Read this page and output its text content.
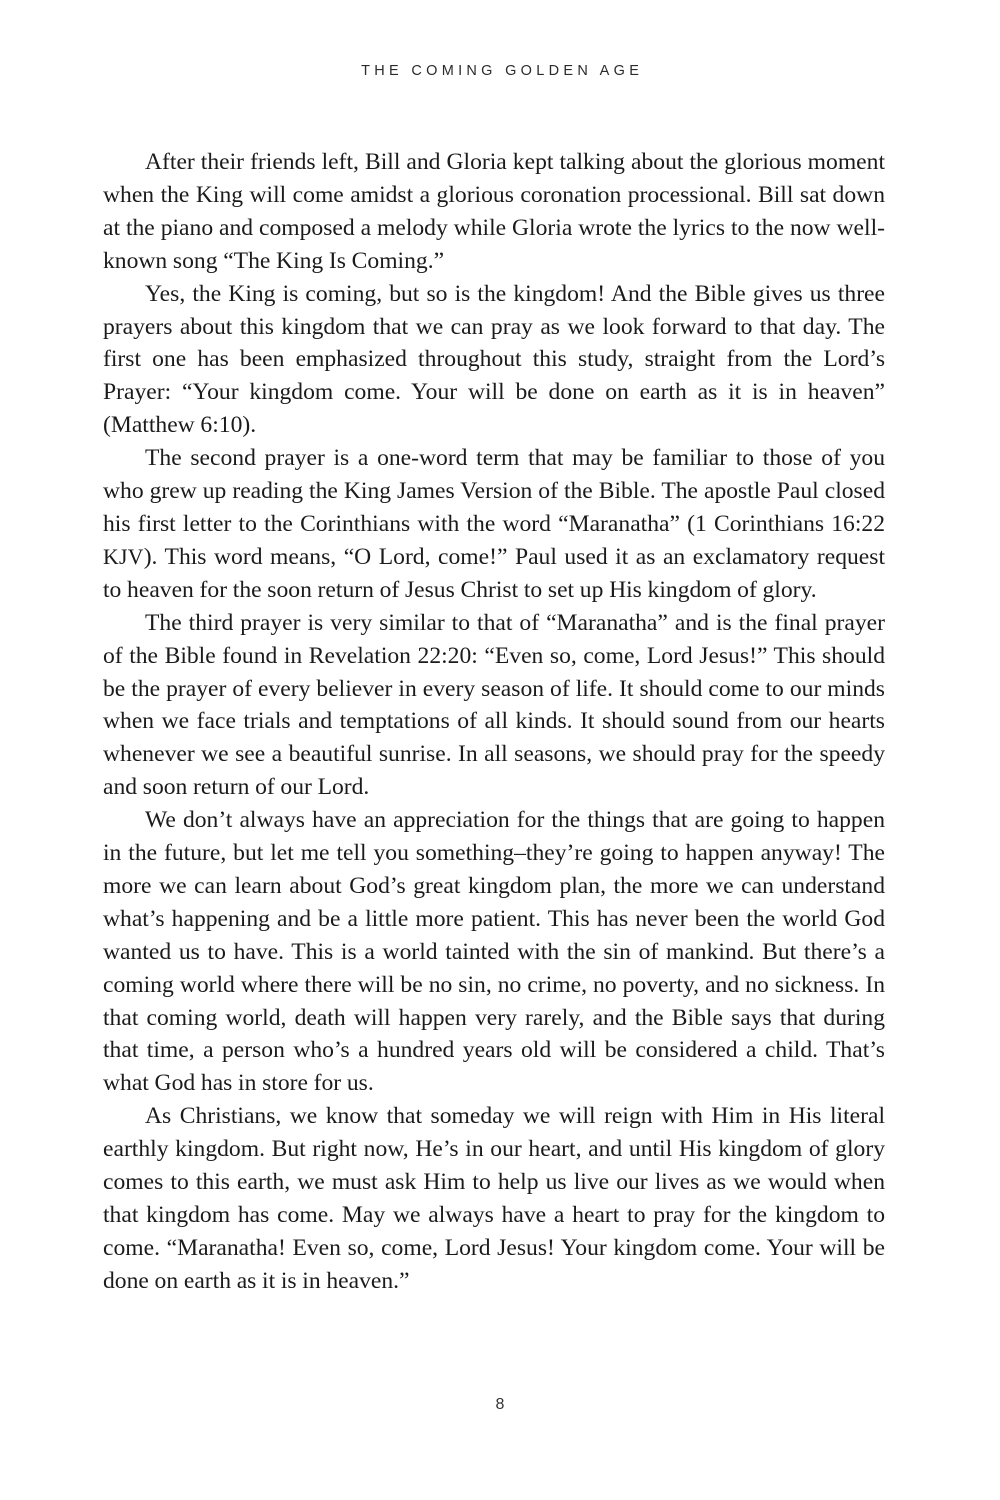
THE COMING GOLDEN AGE

After their friends left, Bill and Gloria kept talking about the glorious moment when the King will come amidst a glorious coronation processional. Bill sat down at the piano and composed a melody while Gloria wrote the lyrics to the now well-known song “The King Is Coming.”

Yes, the King is coming, but so is the kingdom! And the Bible gives us three prayers about this kingdom that we can pray as we look forward to that day. The first one has been emphasized throughout this study, straight from the Lord’s Prayer: “Your kingdom come. Your will be done on earth as it is in heaven” (Matthew 6:10).

The second prayer is a one-word term that may be familiar to those of you who grew up reading the King James Version of the Bible. The apostle Paul closed his first letter to the Corinthians with the word “Maranatha” (1 Corinthians 16:22 KJV). This word means, “O Lord, come!” Paul used it as an exclamatory request to heaven for the soon return of Jesus Christ to set up His kingdom of glory.

The third prayer is very similar to that of “Maranatha” and is the final prayer of the Bible found in Revelation 22:20: “Even so, come, Lord Jesus!” This should be the prayer of every believer in every season of life. It should come to our minds when we face trials and temptations of all kinds. It should sound from our hearts whenever we see a beautiful sunrise. In all seasons, we should pray for the speedy and soon return of our Lord.

We don’t always have an appreciation for the things that are going to happen in the future, but let me tell you something–they’re going to happen anyway! The more we can learn about God’s great kingdom plan, the more we can understand what’s happening and be a little more patient. This has never been the world God wanted us to have. This is a world tainted with the sin of mankind. But there’s a coming world where there will be no sin, no crime, no poverty, and no sickness. In that coming world, death will happen very rarely, and the Bible says that during that time, a person who’s a hundred years old will be considered a child. That’s what God has in store for us.

As Christians, we know that someday we will reign with Him in His literal earthly kingdom. But right now, He’s in our heart, and until His kingdom of glory comes to this earth, we must ask Him to help us live our lives as we would when that kingdom has come. May we always have a heart to pray for the kingdom to come. “Maranatha! Even so, come, Lord Jesus! Your kingdom come. Your will be done on earth as it is in heaven.”

8
